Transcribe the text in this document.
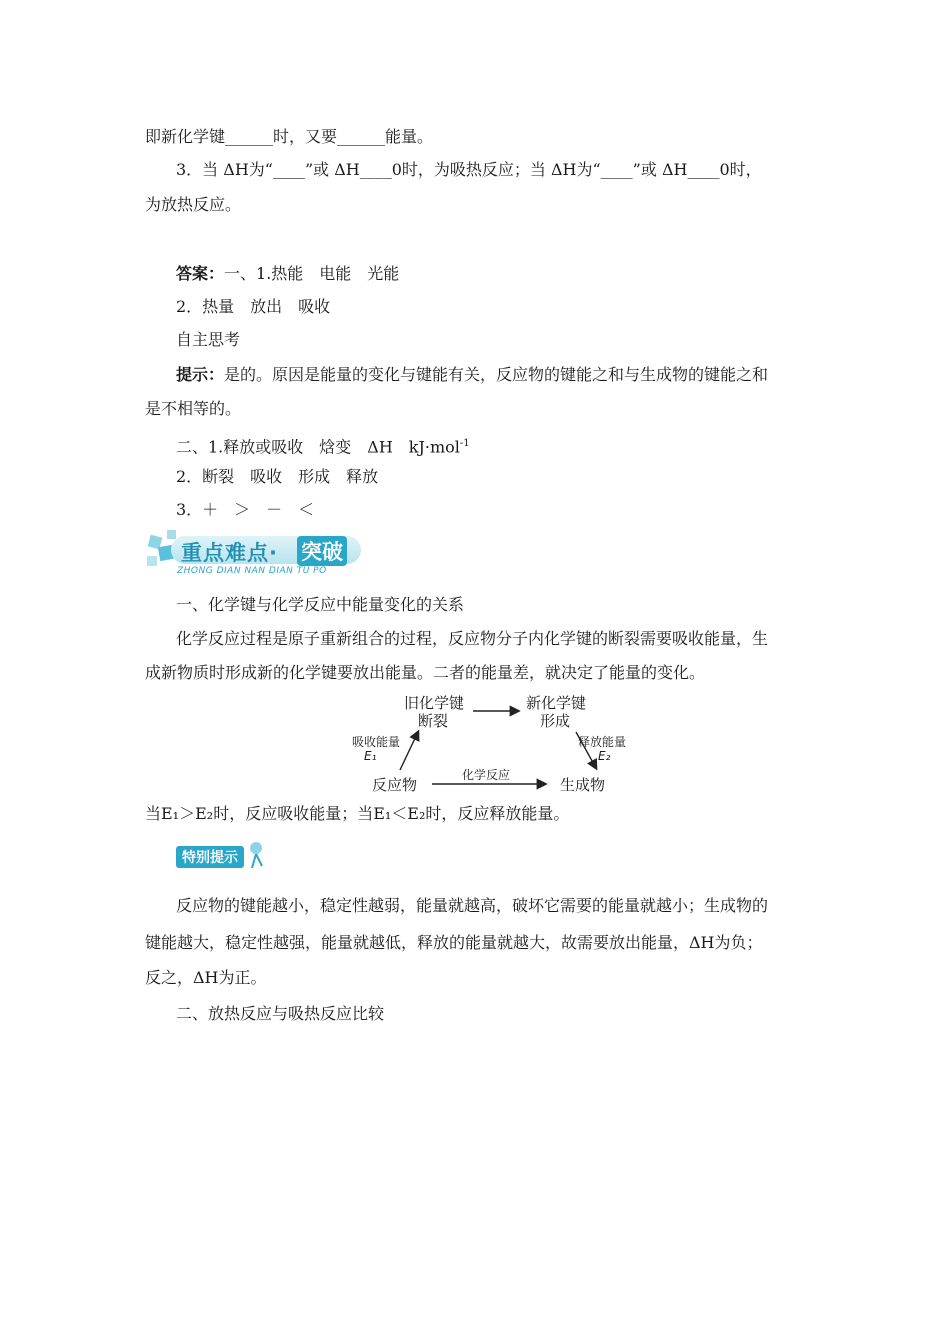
即新化学键______时，又要______能量。
3．当 ΔH为“____”或 ΔH____0时，为吸热反应；当 ΔH为“____”或 ΔH____0时，
为放热反应。
答案：一、1.热能　电能　光能
2．热量　放出　吸收
自主思考
提示：是的。原因是能量的变化与键能有关，反应物的键能之和与生成物的键能之和
是不相等的。
二、1.释放或吸收　焓变　ΔH　kJ·mol$^{-1}$
2．断裂　吸收　形成　释放
3．＋　＞　－　＜
重点难点· 突破
ZHONG DIAN NAN DIAN TU PO
一、化学键与化学反应中能量变化的关系
化学反应过程是原子重新组合的过程，反应物分子内化学键的断裂需要吸收能量，生
成新物质时形成新的化学键要放出能量。二者的能量差，就决定了能量的变化。
旧化学键
断裂
新化学键
形成
吸收能量
E₁
释放能量
E₂
反应物
化学反应
生成物
当E₁＞E₂时，反应吸收能量；当E₁＜E₂时，反应释放能量。
特别提示
反应物的键能越小，稳定性越弱，能量就越高，破坏它需要的能量就越小；生成物的
键能越大，稳定性越强，能量就越低，释放的能量就越大，故需要放出能量，ΔH为负；
反之，ΔH为正。
二、放热反应与吸热反应比较
